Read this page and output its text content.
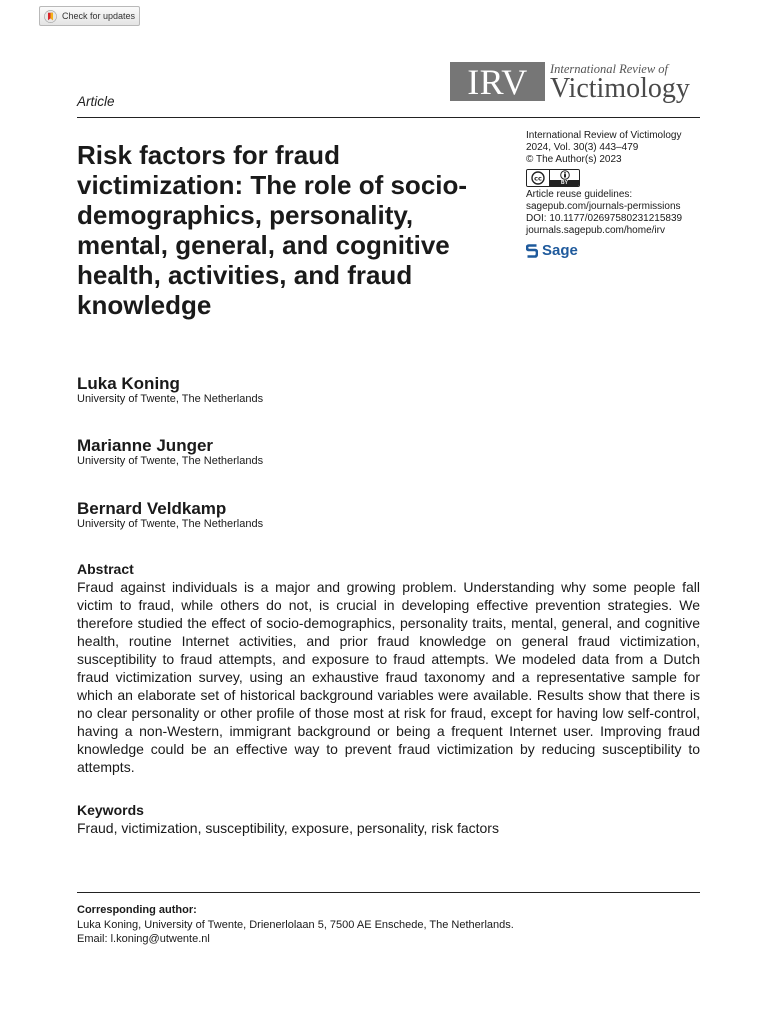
Check for updates
IRV	International Review of
Victimology
Article
Risk factors for fraud victimization: The role of socio-demographics, personality, mental, general, and cognitive health, activities, and fraud knowledge
International Review of Victimology
2024, Vol. 30(3) 443–479
© The Author(s) 2023
cc
BY
Article reuse guidelines:
sagepub.com/journals-permissions
DOI: 10.1177/02697580231215839
journals.sagepub.com/home/irv
Sage
Luka Koning
University of Twente, The Netherlands
Marianne Junger
University of Twente, The Netherlands
Bernard Veldkamp
University of Twente, The Netherlands
Abstract

Fraud against individuals is a major and growing problem. Understanding why some people fall victim to fraud, while others do not, is crucial in developing effective prevention strategies. We therefore studied the effect of socio-demographics, personality traits, mental, general, and cognitive health, routine Internet activities, and prior fraud knowledge on general fraud victimization, susceptibility to fraud attempts, and exposure to fraud attempts. We modeled data from a Dutch fraud victimization survey, using an exhaustive fraud taxonomy and a representative sample for which an elaborate set of historical background variables were available. Results show that there is no clear personality or other profile of those most at risk for fraud, except for having low self-control, having a non-Western, immigrant background or being a frequent Internet user. Improving fraud knowledge could be an effective way to prevent fraud victimization by reducing susceptibility to attempts.

Keywords

Fraud, victimization, susceptibility, exposure, personality, risk factors

Corresponding author:
Luka Koning, University of Twente, Drienerlolaan 5, 7500 AE Enschede, The Netherlands.
Email: l.koning@utwente.nl
